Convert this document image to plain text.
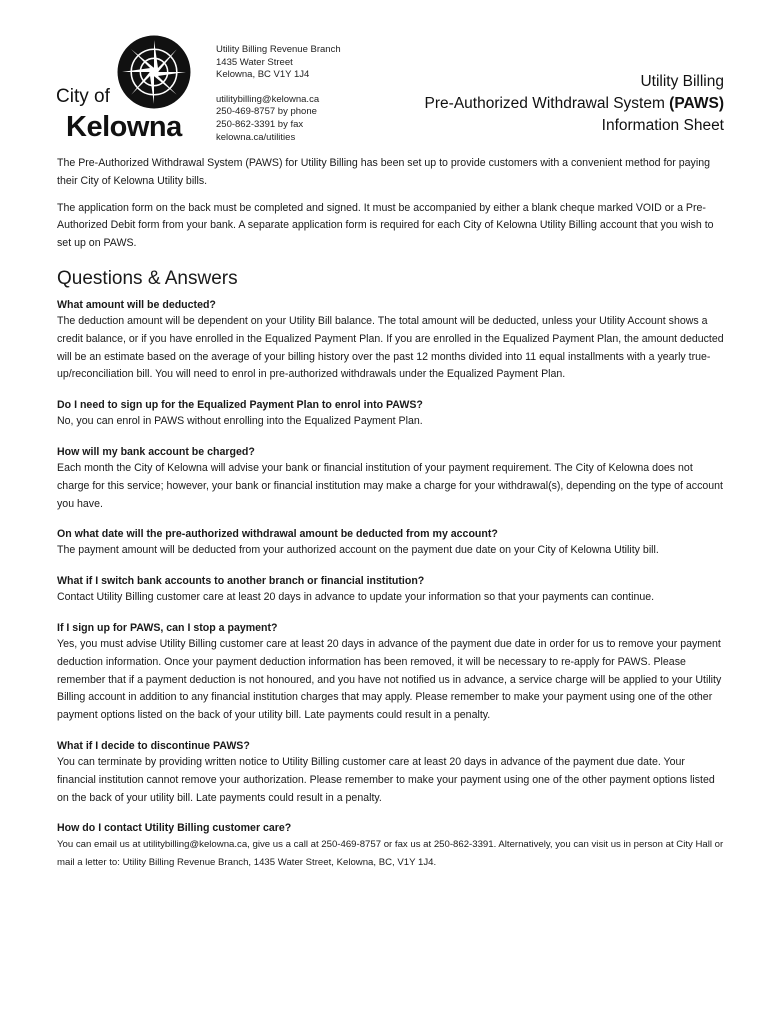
City of
Kelowna
Utility Billing Revenue Branch
1435 Water Street
Kelowna, BC V1Y 1J4
utilitybilling@kelowna.ca
250-469-8757 by phone
250-862-3391 by fax
kelowna.ca/utilities
Utility Billing
Pre-Authorized Withdrawal System (PAWS)
Information Sheet

The Pre-Authorized Withdrawal System (PAWS) for Utility Billing has been set up to provide customers with a convenient method for paying their City of Kelowna Utility bills.

The application form on the back must be completed and signed. It must be accompanied by either a blank cheque marked VOID or a Pre-Authorized Debit form from your bank. A separate application form is required for each City of Kelowna Utility Billing account that you wish to set up on PAWS.

Questions & Answers
What amount will be deducted?
The deduction amount will be dependent on your Utility Bill balance. The total amount will be deducted, unless your Utility Account shows a credit balance, or if you have enrolled in the Equalized Payment Plan. If you are enrolled in the Equalized Payment Plan, the amount deducted will be an estimate based on the average of your billing history over the past 12 months divided into 11 equal installments with a yearly true-up/reconciliation bill. You will need to enrol in pre-authorized withdrawals under the Equalized Payment Plan.
Do I need to sign up for the Equalized Payment Plan to enrol into PAWS?
No, you can enrol in PAWS without enrolling into the Equalized Payment Plan.
How will my bank account be charged?
Each month the City of Kelowna will advise your bank or financial institution of your payment requirement. The City of Kelowna does not charge for this service; however, your bank or financial institution may make a charge for your withdrawal(s), depending on the type of account you have.
On what date will the pre-authorized withdrawal amount be deducted from my account?
The payment amount will be deducted from your authorized account on the payment due date on your City of Kelowna Utility bill.
What if I switch bank accounts to another branch or financial institution?
Contact Utility Billing customer care at least 20 days in advance to update your information so that your payments can continue.
If I sign up for PAWS, can I stop a payment?
Yes, you must advise Utility Billing customer care at least 20 days in advance of the payment due date in order for us to remove your payment deduction information. Once your payment deduction information has been removed, it will be necessary to re-apply for PAWS. Please remember that if a payment deduction is not honoured, and you have not notified us in advance, a service charge will be applied to your Utility Billing account in addition to any financial institution charges that may apply. Please remember to make your payment using one of the other payment options listed on the back of your utility bill. Late payments could result in a penalty.
What if I decide to discontinue PAWS?
You can terminate by providing written notice to Utility Billing customer care at least 20 days in advance of the payment due date. Your financial institution cannot remove your authorization. Please remember to make your payment using one of the other payment options listed on the back of your utility bill. Late payments could result in a penalty.
How do I contact Utility Billing customer care?
You can email us at utilitybilling@kelowna.ca, give us a call at 250-469-8757 or fax us at 250-862-3391. Alternatively, you can visit us in person at City Hall or mail a letter to: Utility Billing Revenue Branch, 1435 Water Street, Kelowna, BC, V1Y 1J4.
